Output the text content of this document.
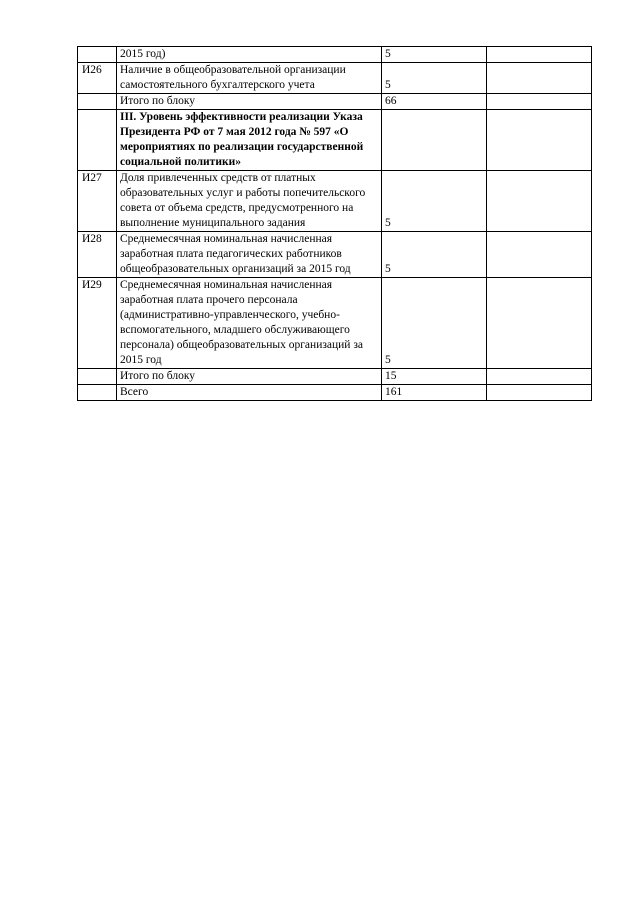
	2015 год)	5	
И26	Наличие в общеобразовательной организации самостоятельного бухгалтерского учета	5	
	Итого по блоку	66	
	III. Уровень эффективности реализации Указа Президента РФ от 7 мая 2012 года № 597 «О мероприятиях по реализации государственной социальной политики»		
И27	Доля привлеченных средств от платных образовательных услуг и работы попечительского совета от объема средств, предусмотренного на выполнение муниципального задания	5	
И28	Среднемесячная номинальная начисленная заработная плата педагогических работников общеобразовательных организаций за 2015 год	5	
И29	Среднемесячная номинальная начисленная заработная плата прочего персонала (административно-управленческого, учебно-вспомогательного, младшего обслуживающего персонала) общеобразовательных организаций за 2015 год	5	
	Итого по блоку	15	
	Всего	161	
